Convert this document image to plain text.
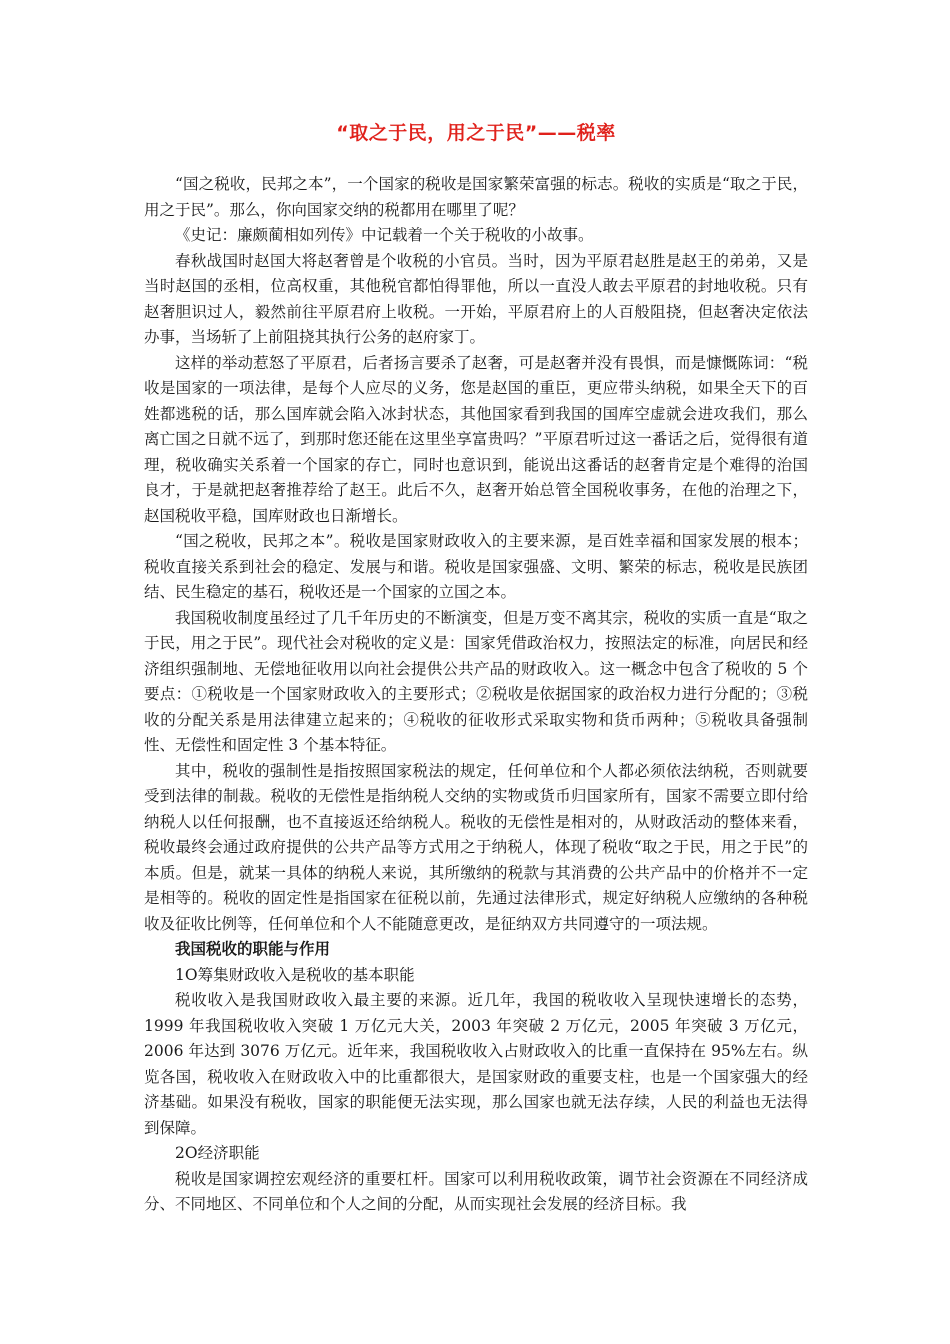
“取之于民，用之于民”——税率

“国之税收，民邦之本”，一个国家的税收是国家繁荣富强的标志。税收的实质是“取之于民，用之于民”。那么，你向国家交纳的税都用在哪里了呢？

《史记：廉颇蔺相如列传》中记载着一个关于税收的小故事。

春秋战国时赵国大将赵奢曾是个收税的小官员。当时，因为平原君赵胜是赵王的弟弟，又是当时赵国的丞相，位高权重，其他税官都怕得罪他，所以一直没人敢去平原君的封地收税。只有赵奢胆识过人，毅然前往平原君府上收税。一开始，平原君府上的人百般阻挠，但赵奢决定依法办事，当场斩了上前阻挠其执行公务的赵府家丁。

这样的举动惹怒了平原君，后者扬言要杀了赵奢，可是赵奢并没有畏惧，而是慷慨陈词：“税收是国家的一项法律，是每个人应尽的义务，您是赵国的重臣，更应带头纳税，如果全天下的百姓都逃税的话，那么国库就会陷入冰封状态，其他国家看到我国的国库空虚就会进攻我们，那么离亡国之日就不远了，到那时您还能在这里坐享富贵吗？”平原君听过这一番话之后，觉得很有道理，税收确实关系着一个国家的存亡，同时也意识到，能说出这番话的赵奢肯定是个难得的治国良才，于是就把赵奢推荐给了赵王。此后不久，赵奢开始总管全国税收事务，在他的治理之下，赵国税收平稳，国库财政也日渐增长。

“国之税收，民邦之本”。税收是国家财政收入的主要来源，是百姓幸福和国家发展的根本；税收直接关系到社会的稳定、发展与和谐。税收是国家强盛、文明、繁荣的标志，税收是民族团结、民生稳定的基石，税收还是一个国家的立国之本。

我国税收制度虽经过了几千年历史的不断演变，但是万变不离其宗，税收的实质一直是“取之于民，用之于民”。现代社会对税收的定义是：国家凭借政治权力，按照法定的标准，向居民和经济组织强制地、无偿地征收用以向社会提供公共产品的财政收入。这一概念中包含了税收的 5 个要点：①税收是一个国家财政收入的主要形式；②税收是依据国家的政治权力进行分配的；③税收的分配关系是用法律建立起来的；④税收的征收形式采取实物和货币两种；⑤税收具备强制性、无偿性和固定性 3 个基本特征。

其中，税收的强制性是指按照国家税法的规定，任何单位和个人都必须依法纳税，否则就要受到法律的制裁。税收的无偿性是指纳税人交纳的实物或货币归国家所有，国家不需要立即付给纳税人以任何报酬，也不直接返还给纳税人。税收的无偿性是相对的，从财政活动的整体来看，税收最终会通过政府提供的公共产品等方式用之于纳税人，体现了税收“取之于民，用之于民”的本质。但是，就某一具体的纳税人来说，其所缴纳的税款与其消费的公共产品中的价格并不一定是相等的。税收的固定性是指国家在征税以前，先通过法律形式，规定好纳税人应缴纳的各种税收及征收比例等，任何单位和个人不能随意更改，是征纳双方共同遵守的一项法规。

我国税收的职能与作用

1O筹集财政收入是税收的基本职能

税收收入是我国财政收入最主要的来源。近几年，我国的税收收入呈现快速增长的态势，1999 年我国税收收入突破 1 万亿元大关，2003 年突破 2 万亿元，2005 年突破 3 万亿元，2006 年达到 3076 万亿元。近年来，我国税收收入占财政收入的比重一直保持在 95%左右。纵览各国，税收收入在财政收入中的比重都很大，是国家财政的重要支柱，也是一个国家强大的经济基础。如果没有税收，国家的职能便无法实现，那么国家也就无法存续，人民的利益也无法得到保障。

2O经济职能

税收是国家调控宏观经济的重要杠杆。国家可以利用税收政策，调节社会资源在不同经济成分、不同地区、不同单位和个人之间的分配，从而实现社会发展的经济目标。我
